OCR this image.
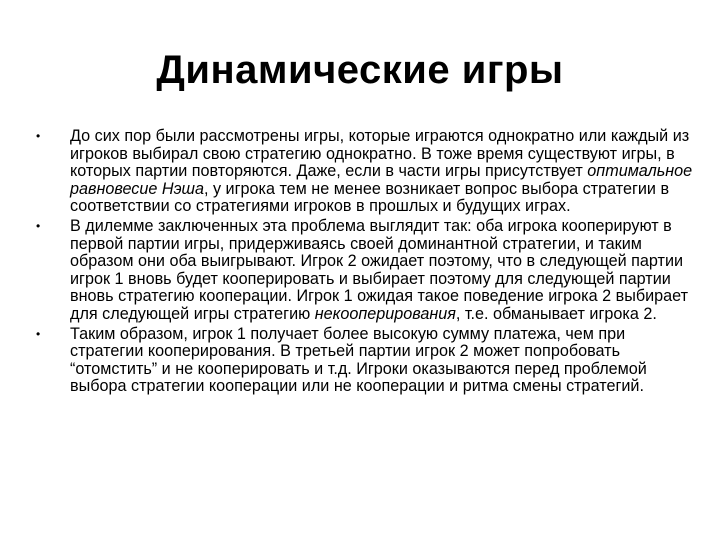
Динамические игры
• До сих пор были рассмотрены игры, которые играются однократно или каждый из игроков выбирал свою стратегию однократно. В тоже время существуют игры, в которых партии повторяются. Даже, если в части игры присутствует оптимальное равновесие Нэша, у игрока тем не менее возникает вопрос выбора стратегии в соответствии со стратегиями игроков в прошлых и будущих играх.
• В дилемме заключенных эта проблема выглядит так: оба игрока кооперируют в первой партии игры, придерживаясь своей доминантной стратегии, и таким образом они оба выигрывают. Игрок 2 ожидает поэтому, что в следующей партии игрок 1 вновь будет кооперировать и выбирает поэтому для следующей партии вновь стратегию кооперации. Игрок 1 ожидая такое поведение игрока 2 выбирает для следующей игры стратегию некооперирования, т.е. обманывает игрока 2.
• Таким образом, игрок 1 получает более высокую сумму платежа, чем при стратегии кооперирования. В третьей партии игрок 2 может попробовать “отомстить” и не кооперировать и т.д. Игроки оказываются перед проблемой выбора стратегии кооперации или не кооперации и ритма смены стратегий.
